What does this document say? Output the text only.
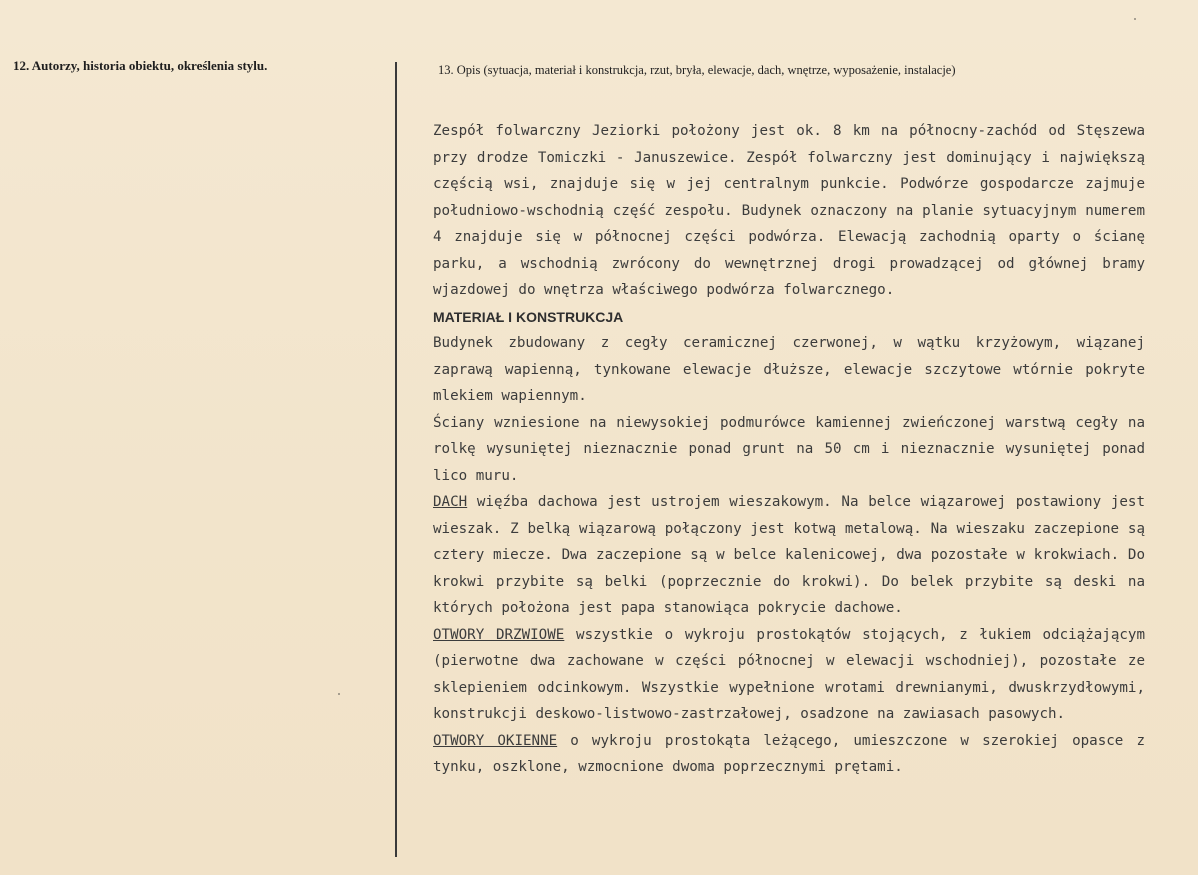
12. Autorzy, historia obiektu, określenia stylu.	13. Opis (sytuacja, materiał i konstrukcja, rzut, bryła, elewacje, dach, wnętrze, wyposażenie, instalacje)

Zespół folwarczny Jeziorki położony jest ok. 8 km na północny-zachód od Stęszewa przy drodze Tomiczki - Januszewice. Zespół folwarczny jest dominujący i największą częścią wsi, znajduje się w jej centralnym punkcie. Podwórze gospodarcze zajmuje południowo-wschodnią część zespołu. Budynek oznaczony na planie sytuacyjnym numerem 4 znajduje się w północnej części podwórza. Elewacją zachodnią oparty o ścianę parku, a wschodnią zwrócony do wewnętrznej drogi prowadzącej od głównej bramy wjazdowej do wnętrza właściwego podwórza folwarcznego.

MATERIAŁ I KONSTRUKCJA

Budynek zbudowany z cegły ceramicznej czerwonej, w wątku krzyżowym, wiązanej zaprawą wapienną, tynkowane elewacje dłuższe, elewacje szczytowe wtórnie pokryte mlekiem wapiennym.

Ściany wzniesione na niewysokiej podmurówce kamiennej zwieńczonej warstwą cegły na rolkę wysuniętej nieznacznie ponad grunt na 50 cm i nieznacznie wysuniętej ponad lico muru.

DACH więźba dachowa jest ustrojem wieszakowym. Na belce wiązarowej postawiony jest wieszak. Z belką wiązarową połączony jest kotwą metalową. Na wieszaku zaczepione są cztery miecze. Dwa zaczepione są w belce kalenicowej, dwa pozostałe w krokwiach. Do krokwi przybite są belki (poprzecznie do krokwi). Do belek przybite są deski na których położona jest papa stanowiąca pokrycie dachowe.

OTWORY DRZWIOWE wszystkie o wykroju prostokątów stojących, z łukiem odciążającym (pierwotne dwa zachowane w części północnej w elewacji wschodniej), pozostałe ze sklepieniem odcinkowym. Wszystkie wypełnione wrotami drewnianymi, dwuskrzydłowymi, konstrukcji deskowo-listwowo-zastrzałowej, osadzone na zawiasach pasowych.

OTWORY OKIENNE o wykroju prostokąta leżącego, umieszczone w szerokiej opasce z tynku, oszklone, wzmocnione dwoma poprzecznymi prętami.
